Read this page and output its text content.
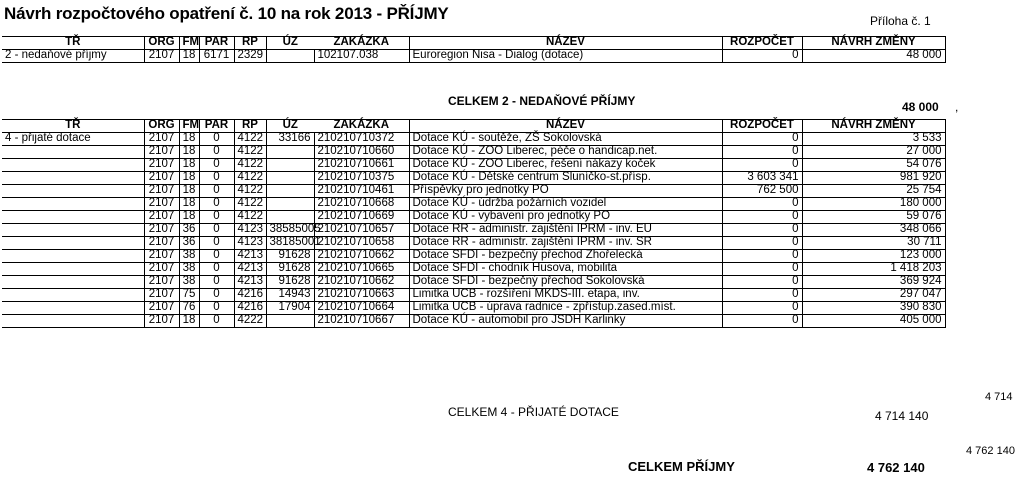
Návrh rozpočtového opatření č. 10 na rok 2013 - PŘÍJMY	Příloha č. 1
TŘ	ORG	FM	PAR	RP	ÚZ	ZAKÁZKA	NÁZEV	ROZPOČET	NÁVRH ZMĚNY
2 - nedaňové příjmy	2107	18	6171	2329		102107.038	Euroregion Nisa - Dialog (dotace)	0	48 000
CELKEM 2 - NEDAŇOVÉ PŘÍJMY	48 000 ,
TŘ	ORG	FM	PAR	RP	ÚZ	ZAKÁZKA	NÁZEV	ROZPOČET	NÁVRH ZMĚNY
4 - přijaté dotace	2107	18	0	4122	33166	210210710372	Dotace KÚ - soutěže, ZŠ Sokolovská	0	3 533
	2107	18	0	4122		210210710660	Dotace KÚ - ZOO Liberec, péče o handicap.net.	0	27 000
	2107	18	0	4122		210210710661	Dotace KÚ - ZOO Liberec, řešení nákazy koček	0	54 076
	2107	18	0	4122		210210710375	Dotace KÚ - Dětské centrum Sluníčko-st.přísp.	3 603 341	981 920
	2107	18	0	4122		210210710461	Příspěvky pro jednotky PO	762 500	25 754
	2107	18	0	4122		210210710668	Dotace KÚ - údržba požárních vozidel	0	180 000
	2107	18	0	4122		210210710669	Dotace KÚ - vybavení pro jednotky PO	0	59 076
	2107	36	0	4123	38585005	210210710657	Dotace RR - administr. zajištění IPRM - inv. EU	0	348 066
	2107	36	0	4123	38185001	210210710658	Dotace RR - administr. zajištění IPRM - inv. SR	0	30 711
	2107	38	0	4213	91628	210210710662	Dotace SFDI - bezpečný přechod Zhořelecká	0	123 000
	2107	38	0	4213	91628	210210710665	Dotace SFDI - chodník Husova, mobilita	0	1 418 203
	2107	38	0	4213	91628	210210710662	Dotace SFDI - bezpečný přechod Sokolovská	0	369 924
	2107	75	0	4216	14943	210210710663	Limitka UCB - rozšíření MKDS-III. etapa, inv.	0	297 047
	2107	76	0	4216	17904	210210710664	Limitka UCB - úprava radnice - zpřístup.zased.míst.	0	390 830
	2107	18	0	4222		210210710667	Dotace KÚ - automobil pro JSDH Karlinky	0	405 000
CELKEM 4 - PŘIJATÉ DOTACE	4 714 140
4 714
CELKEM PŘÍJMY	4 762 140
4 762 140
